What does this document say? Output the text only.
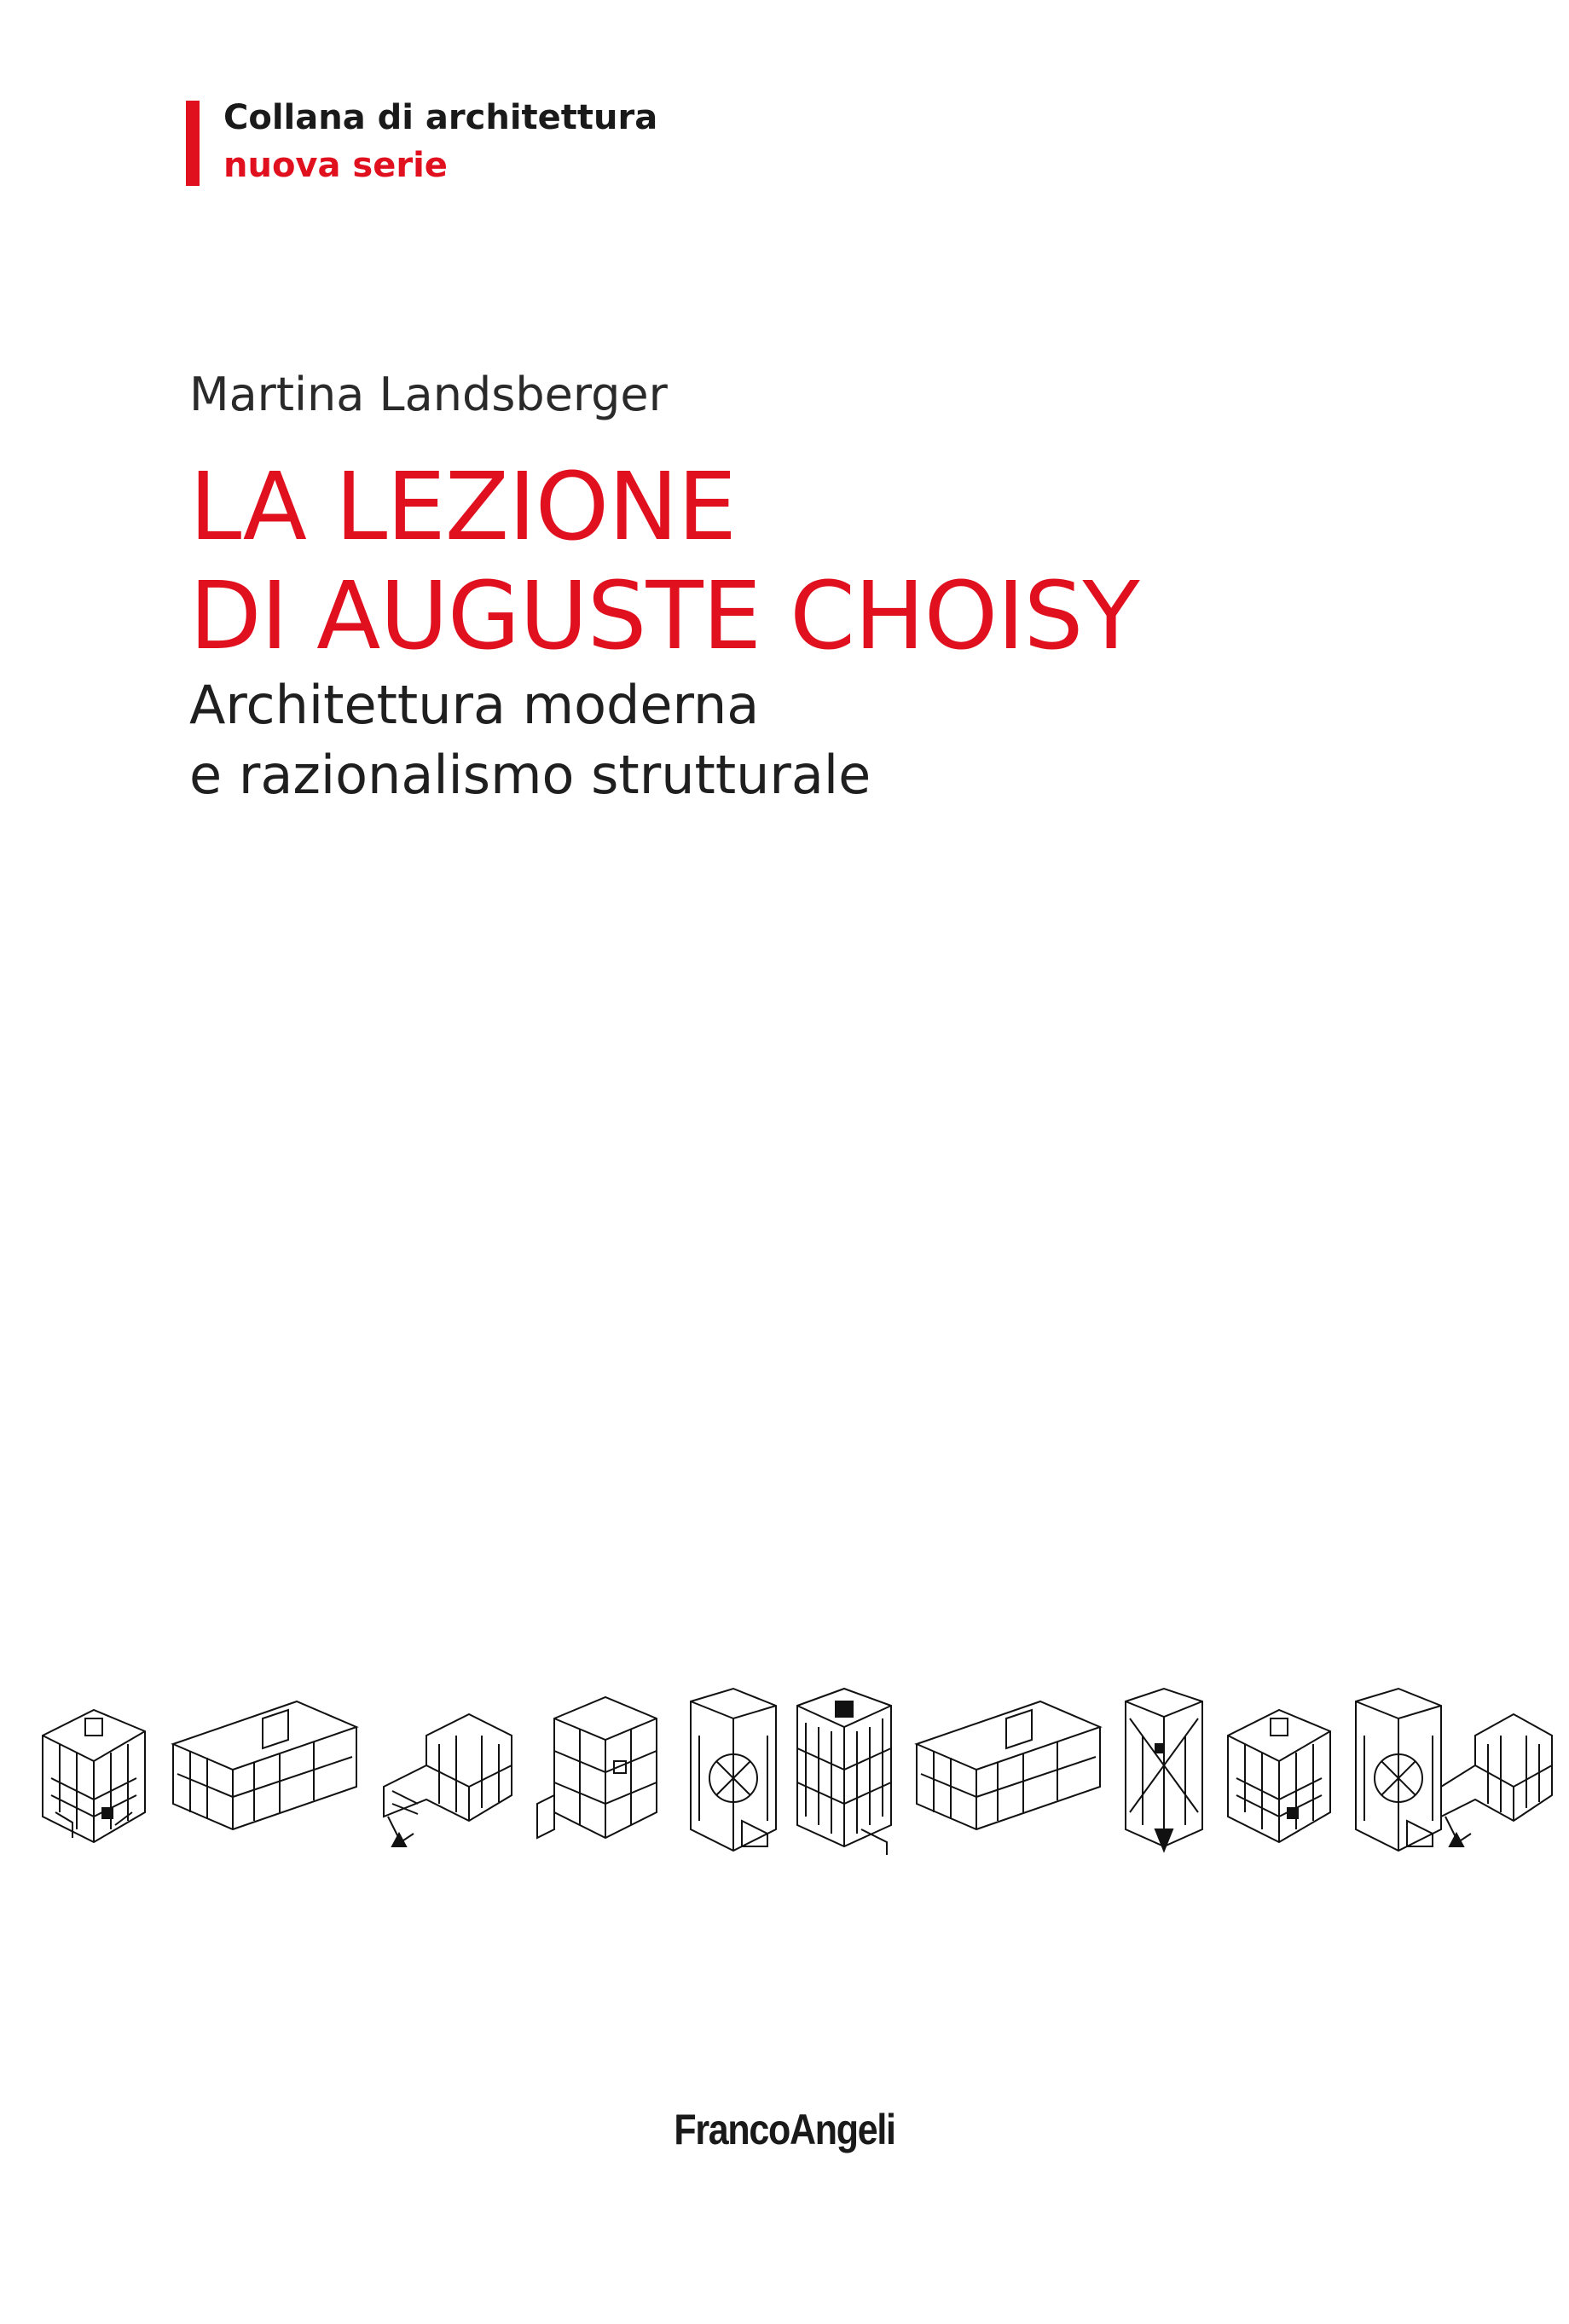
Collana di architettura
nuova serie
Martina Landsberger
LA LEZIONE
DI AUGUSTE CHOISY
Architettura moderna
e razionalismo strutturale
FrancoAngeli
